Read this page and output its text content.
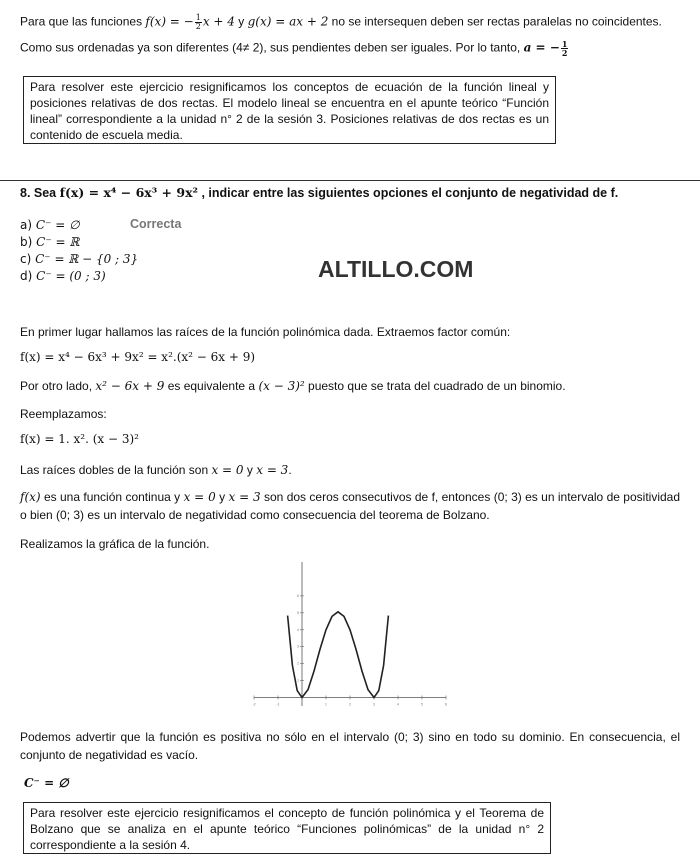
Para que las funciones f(x) = − $\frac{1}{2}$ x + 4 y g(x) = ax + 2 no se intersequen deben ser rectas paralelas no coincidentes.
Como sus ordenadas ya son diferentes (4≠ 2), sus pendientes deben ser iguales. Por lo tanto, a = − $\frac{1}{2}$
Para resolver este ejercicio resignificamos los conceptos de ecuación de la función lineal y posiciones relativas de dos rectas. El modelo lineal se encuentra en el apunte teórico “Función lineal” correspondiente a la unidad n° 2 de la sesión 3. Posiciones relativas de dos rectas es un contenido de escuela media.
8. Sea f(x) = x⁴ − 6x³ + 9x² , indicar entre las siguientes opciones el conjunto de negatividad de f.
a) C⁻ = ∅	Correcta
b) C⁻ = ℝ
c) C⁻ = ℝ − {0 ; 3}
d) C⁻ = (0 ; 3)	ALTILLO.COM
En primer lugar hallamos las raíces de la función polinómica dada. Extraemos factor común:
f(x) = x⁴ − 6x³ + 9x² = x².(x² − 6x + 9)
Por otro lado, x² − 6x + 9 es equivalente a (x − 3)² puesto que se trata del cuadrado de un binomio.
Reemplazamos:
f(x) = 1. x². (x − 3)²
Las raíces dobles de la función son x = 0 y x = 3.
f(x) es una función continua y x = 0 y x = 3 son dos ceros consecutivos de f, entonces (0; 3) es un intervalo de positividad o bien (0; 3) es un intervalo de negatividad como consecuencia del teorema de Bolzano.
Realizamos la gráfica de la función.
-2	-1	1	2	3	4	5	6
1
2
3
4
5
6
Podemos advertir que la función es positiva no sólo en el intervalo (0; 3) sino en todo su dominio. En consecuencia, el conjunto de negatividad es vacío.
C⁻ = ∅
Para resolver este ejercicio resignificamos el concepto de función polinómica y el Teorema de Bolzano que se analiza en el apunte teórico “Funciones polinómicas” de la unidad n° 2 correspondiente a la sesión 4.
